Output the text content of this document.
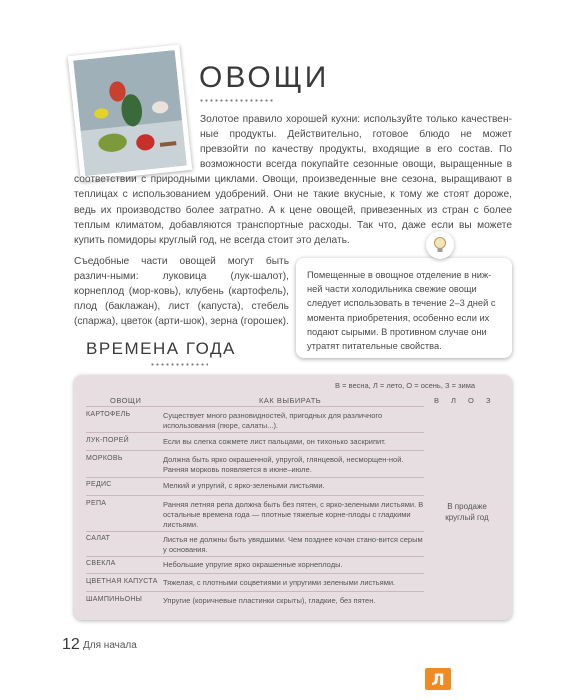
ОВОЩИ

Золотое правило хорошей кухни: используйте только качествен-ные продукты. Действительно, готовое блюдо не может превзойти по качеству продукты, входящие в его состав. По возможности всегда покупайте сезонные овощи, выращенные в соответствии с природными циклами. Овощи, произведенные вне сезона, выращивают в теплицах с использованием удобрений. Они не такие вкусные, к тому же стоят дороже, ведь их производство более затратно. А к цене овощей, привезенных из стран с более теплым климатом, добавляются транспортные расходы. Так что, даже если вы можете купить помидоры круглый год, не всегда стоит это делать.

Съедобные части овощей могут быть различ-ными: луковица (лук-шалот), корнеплод (мор-ковь), клубень (картофель), плод (баклажан), лист (капуста), стебель (спаржа), цветок (арти-шок), зерна (горошек).
Помещенные в овощное отделение в ниж-ней части холодильника свежие овощи следует использовать в течение 2–3 дней с момента приобретения, особенно если их подают сырыми. В противном случае они утратят питательные свойства.
ВРЕМЕНА ГОДА
В = весна, Л = лето, О = осень, З = зима
ОВОЩИ	КАК ВЫБИРАТЬ	В Л О З
КАРТОФЕЛЬ	Существует много разновидностей, пригодных для различного использования (пюре, салаты...).
ЛУК-ПОРЕЙ	Если вы слегка сожмете лист пальцами, он тихонько заскрипит.
МОРКОВЬ	Должна быть ярко окрашенной, упругой, глянцевой, несморщен-ной. Ранняя морковь появляется в июне–июле.
РЕДИС	Мелкий и упругий, с ярко-зелеными листьями.
РЕПА	Ранняя летняя репа должна быть без пятен, с ярко-зелеными листьями. В остальные времена года — плотные тяжелые корне-плоды с гладкими листьями.
САЛАТ	Листья не должны быть увядшими. Чем позднее кочан стано-вится серым у основания.
СВЕКЛА	Небольшие упругие ярко окрашенные корнеплоды.
ЦВЕТНАЯ КАПУСТА Тяжелая, с плотными соцветиями и упругими зелеными листьями.
ШАМПИНЬОНЫ	Упругие (коричневые пластинки скрыты), гладкие, без пятен.
В продаже круглый год
12 Для начала
Л
